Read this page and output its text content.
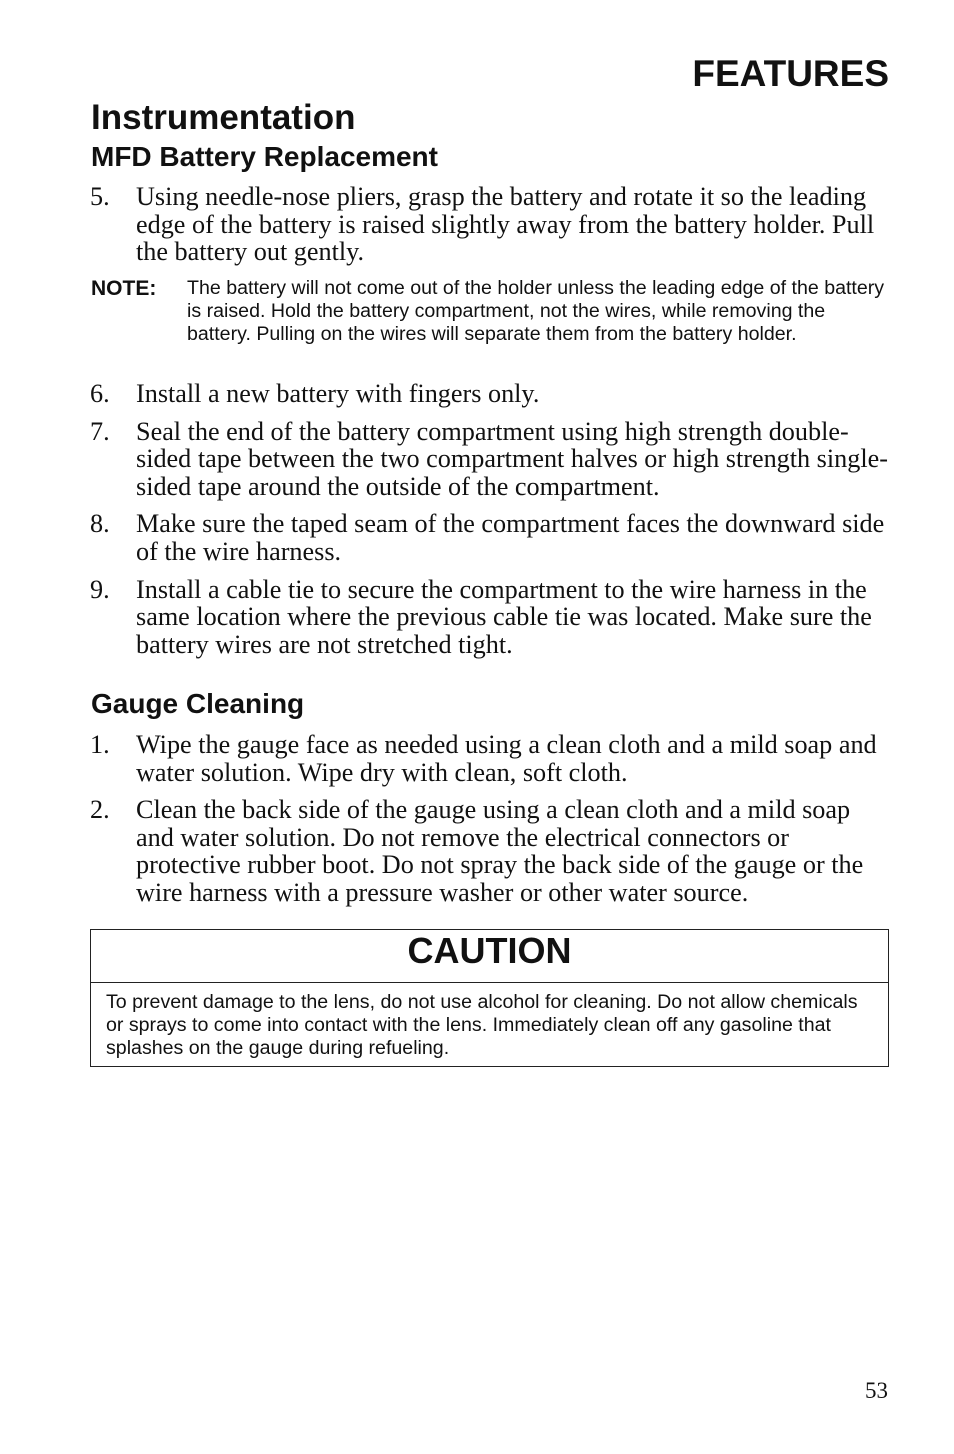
FEATURES
Instrumentation
MFD Battery Replacement
5.	Using needle-nose pliers, grasp the battery and rotate it so the leading edge of the battery is raised slightly away from the battery holder. Pull the battery out gently.
NOTE:	The battery will not come out of the holder unless the leading edge of the battery is raised. Hold the battery compartment, not the wires, while removing the battery. Pulling on the wires will separate them from the battery holder.
6.	Install a new battery with fingers only.
7.	Seal the end of the battery compartment using high strength double-sided tape between the two compartment halves or high strength single-sided tape around the outside of the compartment.
8.	Make sure the taped seam of the compartment faces the downward side of the wire harness.
9.	Install a cable tie to secure the compartment to the wire harness in the same location where the previous cable tie was located. Make sure the battery wires are not stretched tight.
Gauge Cleaning
1.	Wipe the gauge face as needed using a clean cloth and a mild soap and water solution. Wipe dry with clean, soft cloth.
2.	Clean the back side of the gauge using a clean cloth and a mild soap and water solution. Do not remove the electrical connectors or protective rubber boot. Do not spray the back side of the gauge or the wire harness with a pressure washer or other water source.
CAUTION
To prevent damage to the lens, do not use alcohol for cleaning. Do not allow chemicals or sprays to come into contact with the lens. Immediately clean off any gasoline that splashes on the gauge during refueling.

53
